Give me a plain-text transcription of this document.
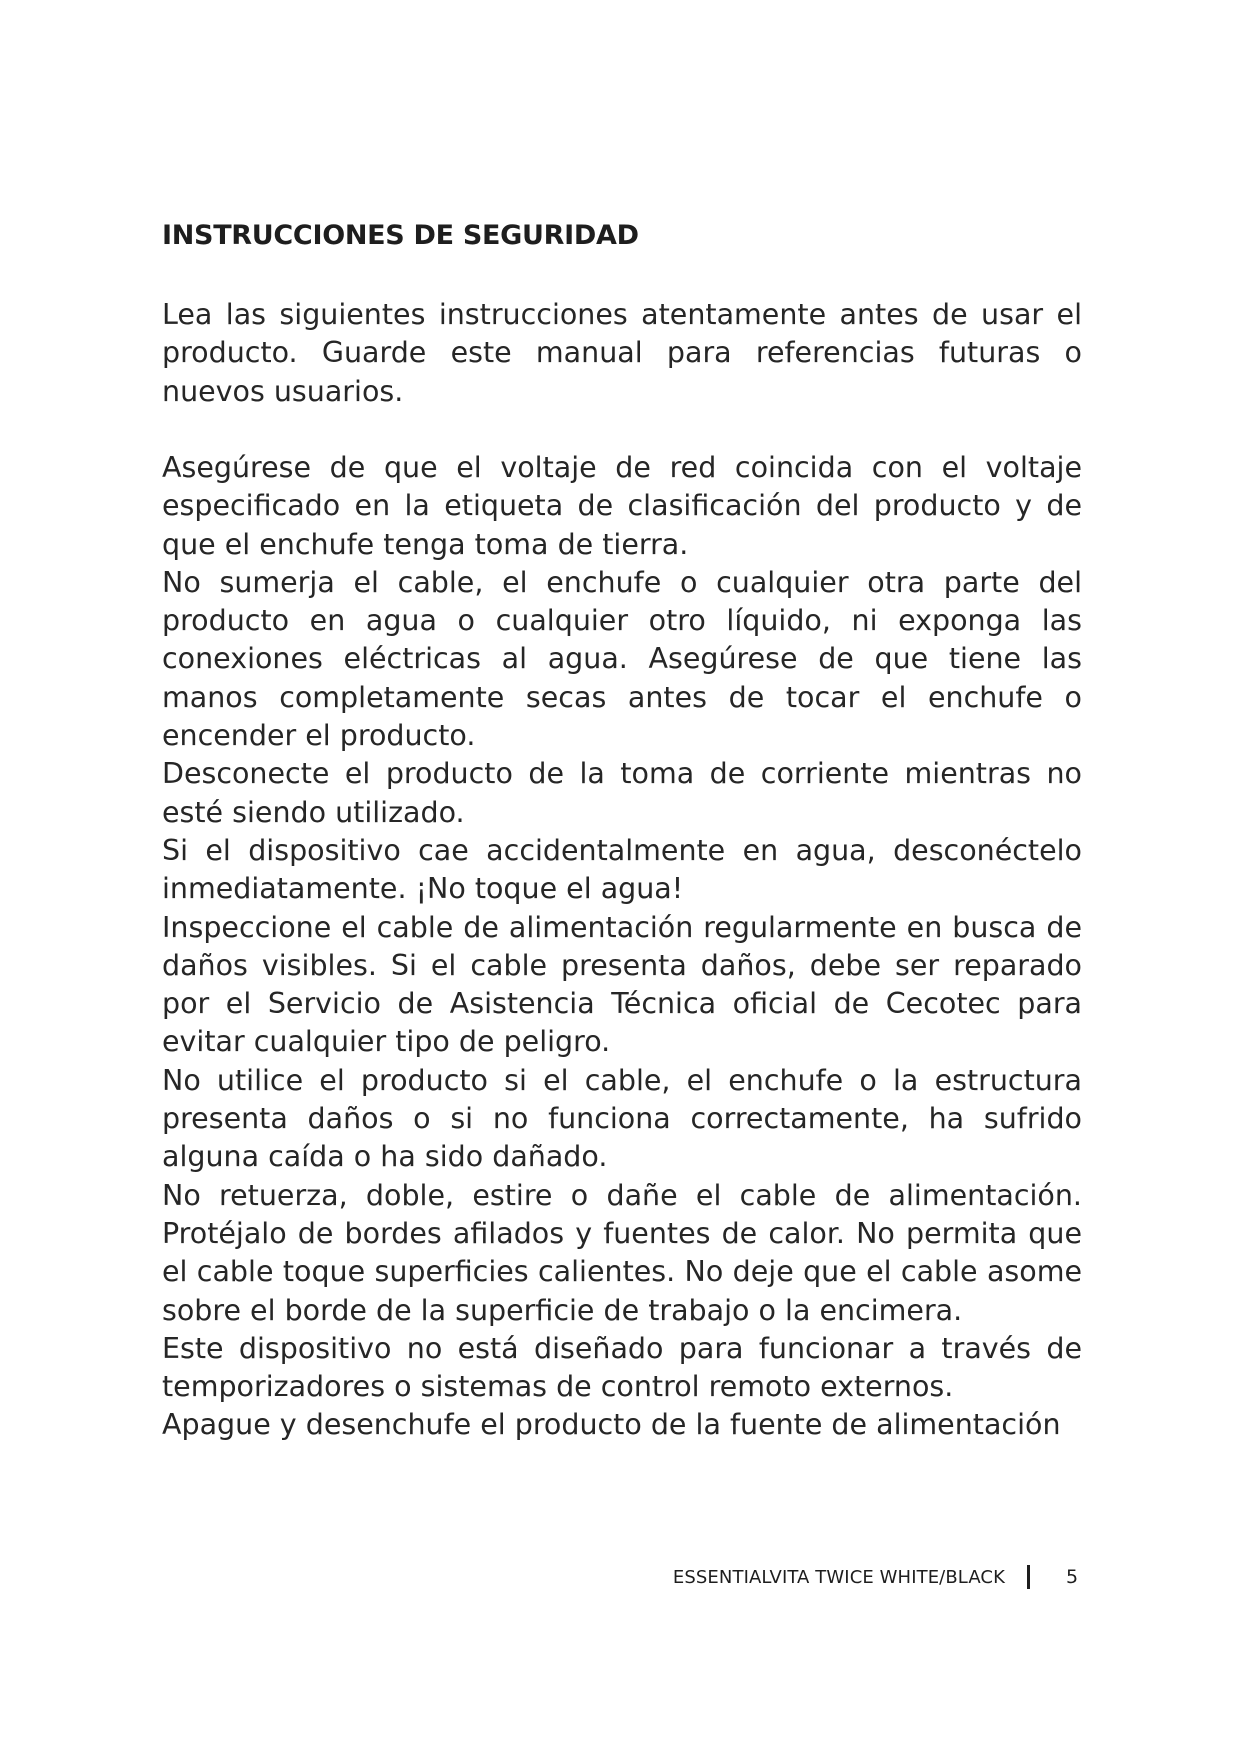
INSTRUCCIONES DE SEGURIDAD

Lea las siguientes instrucciones atentamente antes de usar el producto. Guarde este manual para referencias futuras o nuevos usuarios.

Asegúrese de que el voltaje de red coincida con el voltaje especificado en la etiqueta de clasificación del producto y de que el enchufe tenga toma de tierra.

No sumerja el cable, el enchufe o cualquier otra parte del producto en agua o cualquier otro líquido, ni exponga las conexiones eléctricas al agua. Asegúrese de que tiene las manos completamente secas antes de tocar el enchufe o encender el producto.

Desconecte el producto de la toma de corriente mientras no esté siendo utilizado.

Si el dispositivo cae accidentalmente en agua, desconéctelo inmediatamente. ¡No toque el agua!

Inspeccione el cable de alimentación regularmente en busca de daños visibles. Si el cable presenta daños, debe ser reparado por el Servicio de Asistencia Técnica oficial de Cecotec para evitar cualquier tipo de peligro.

No utilice el producto si el cable, el enchufe o la estructura presenta daños o si no funciona correctamente, ha sufrido alguna caída o ha sido dañado.

No retuerza, doble, estire o dañe el cable de alimentación. Protéjalo de bordes afilados y fuentes de calor. No permita que el cable toque superficies calientes. No deje que el cable asome sobre el borde de la superficie de trabajo o la encimera.

Este dispositivo no está diseñado para funcionar a través de temporizadores o sistemas de control remoto externos.

Apague y desenchufe el producto de la fuente de alimentación

ESSENTIALVITA TWICE WHITE/BLACK	5
